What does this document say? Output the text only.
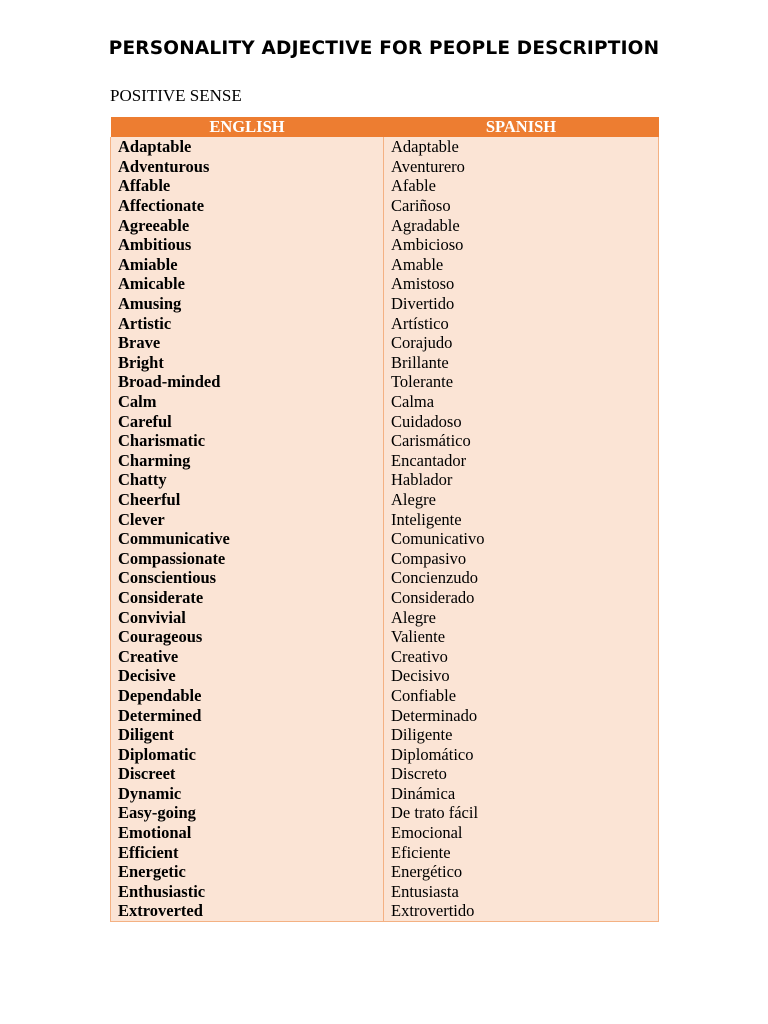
PERSONALITY ADJECTIVE FOR PEOPLE DESCRIPTION
POSITIVE SENSE
ENGLISH	SPANISH
Adaptable	Adaptable
Adventurous	Aventurero
Affable	Afable
Affectionate	Cariñoso
Agreeable	Agradable
Ambitious	Ambicioso
Amiable	Amable
Amicable	Amistoso
Amusing	Divertido
Artistic	Artístico
Brave	Corajudo
Bright	Brillante
Broad-minded	Tolerante
Calm	Calma
Careful	Cuidadoso
Charismatic	Carismático
Charming	Encantador
Chatty	Hablador
Cheerful	Alegre
Clever	Inteligente
Communicative	Comunicativo
Compassionate	Compasivo
Conscientious	Concienzudo
Considerate	Considerado
Convivial	Alegre
Courageous	Valiente
Creative	Creativo
Decisive	Decisivo
Dependable	Confiable
Determined	Determinado
Diligent	Diligente
Diplomatic	Diplomático
Discreet	Discreto
Dynamic	Dinámica
Easy-going	De trato fácil
Emotional	Emocional
Efficient	Eficiente
Energetic	Energético
Enthusiastic	Entusiasta
Extroverted	Extrovertido
